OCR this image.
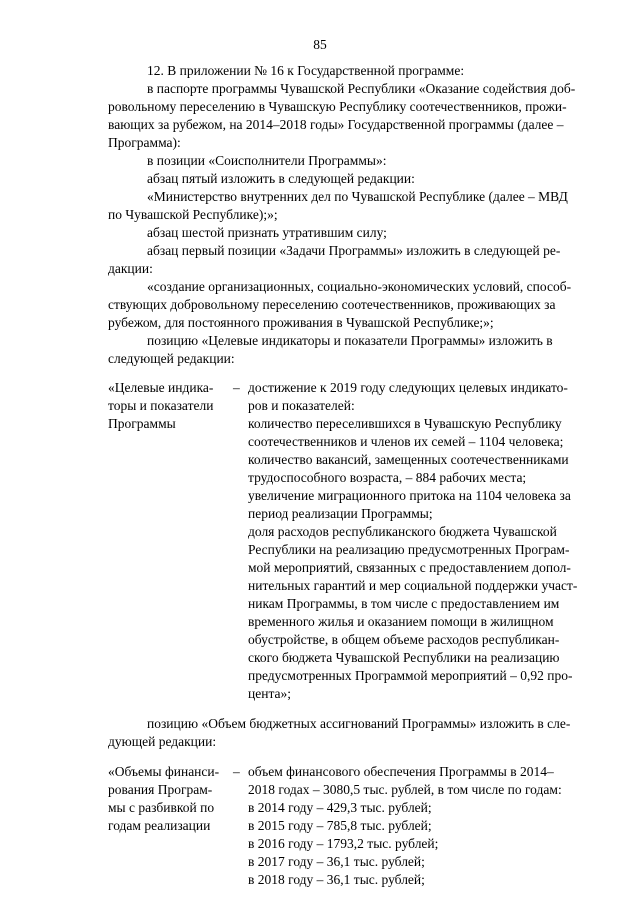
85
12. В приложении № 16 к Государственной программе:
в паспорте программы Чувашской Республики «Оказание содействия доб-
ровольному переселению в Чувашскую Республику соотечественников, прожи-
вающих за рубежом, на 2014–2018 годы» Государственной программы (далее –
Программа):
в позиции «Соисполнители Программы»:
абзац пятый изложить в следующей редакции:
«Министерство внутренних дел по Чувашской Республике (далее – МВД
по Чувашской Республике);»;
абзац шестой признать утратившим силу;
абзац первый позиции «Задачи Программы» изложить в следующей ре-
дакции:
«создание организационных, социально-экономических условий, способ-
ствующих добровольному переселению соотечественников, проживающих за
рубежом, для постоянного проживания в Чувашской Республике;»;
позицию «Целевые индикаторы и показатели Программы» изложить в
следующей редакции:
«Целевые индика-
торы и показатели
Программы
– достижение к 2019 году следующих целевых индикато-
ров и показателей:
количество переселившихся в Чувашскую Республику
соотечественников и членов их семей – 1104 человека;
количество вакансий, замещенных соотечественниками
трудоспособного возраста, – 884 рабочих места;
увеличение миграционного притока на 1104 человека за
период реализации Программы;
доля расходов республиканского бюджета Чувашской
Республики на реализацию предусмотренных Програм-
мой мероприятий, связанных с предоставлением допол-
нительных гарантий и мер социальной поддержки участ-
никам Программы, в том числе с предоставлением им
временного жилья и оказанием помощи в жилищном
обустройстве, в общем объеме расходов республикан-
ского бюджета Чувашской Республики на реализацию
предусмотренных Программой мероприятий – 0,92 про-
цента»;
позицию «Объем бюджетных ассигнований Программы» изложить в сле-
дующей редакции:
«Объемы финанси-
рования Програм-
мы с разбивкой по
годам реализации
– объем финансового обеспечения Программы в 2014–
2018 годах – 3080,5 тыс. рублей, в том числе по годам:
в 2014 году – 429,3 тыс. рублей;
в 2015 году – 785,8 тыс. рублей;
в 2016 году – 1793,2 тыс. рублей;
в 2017 году – 36,1 тыс. рублей;
в 2018 году – 36,1 тыс. рублей;
